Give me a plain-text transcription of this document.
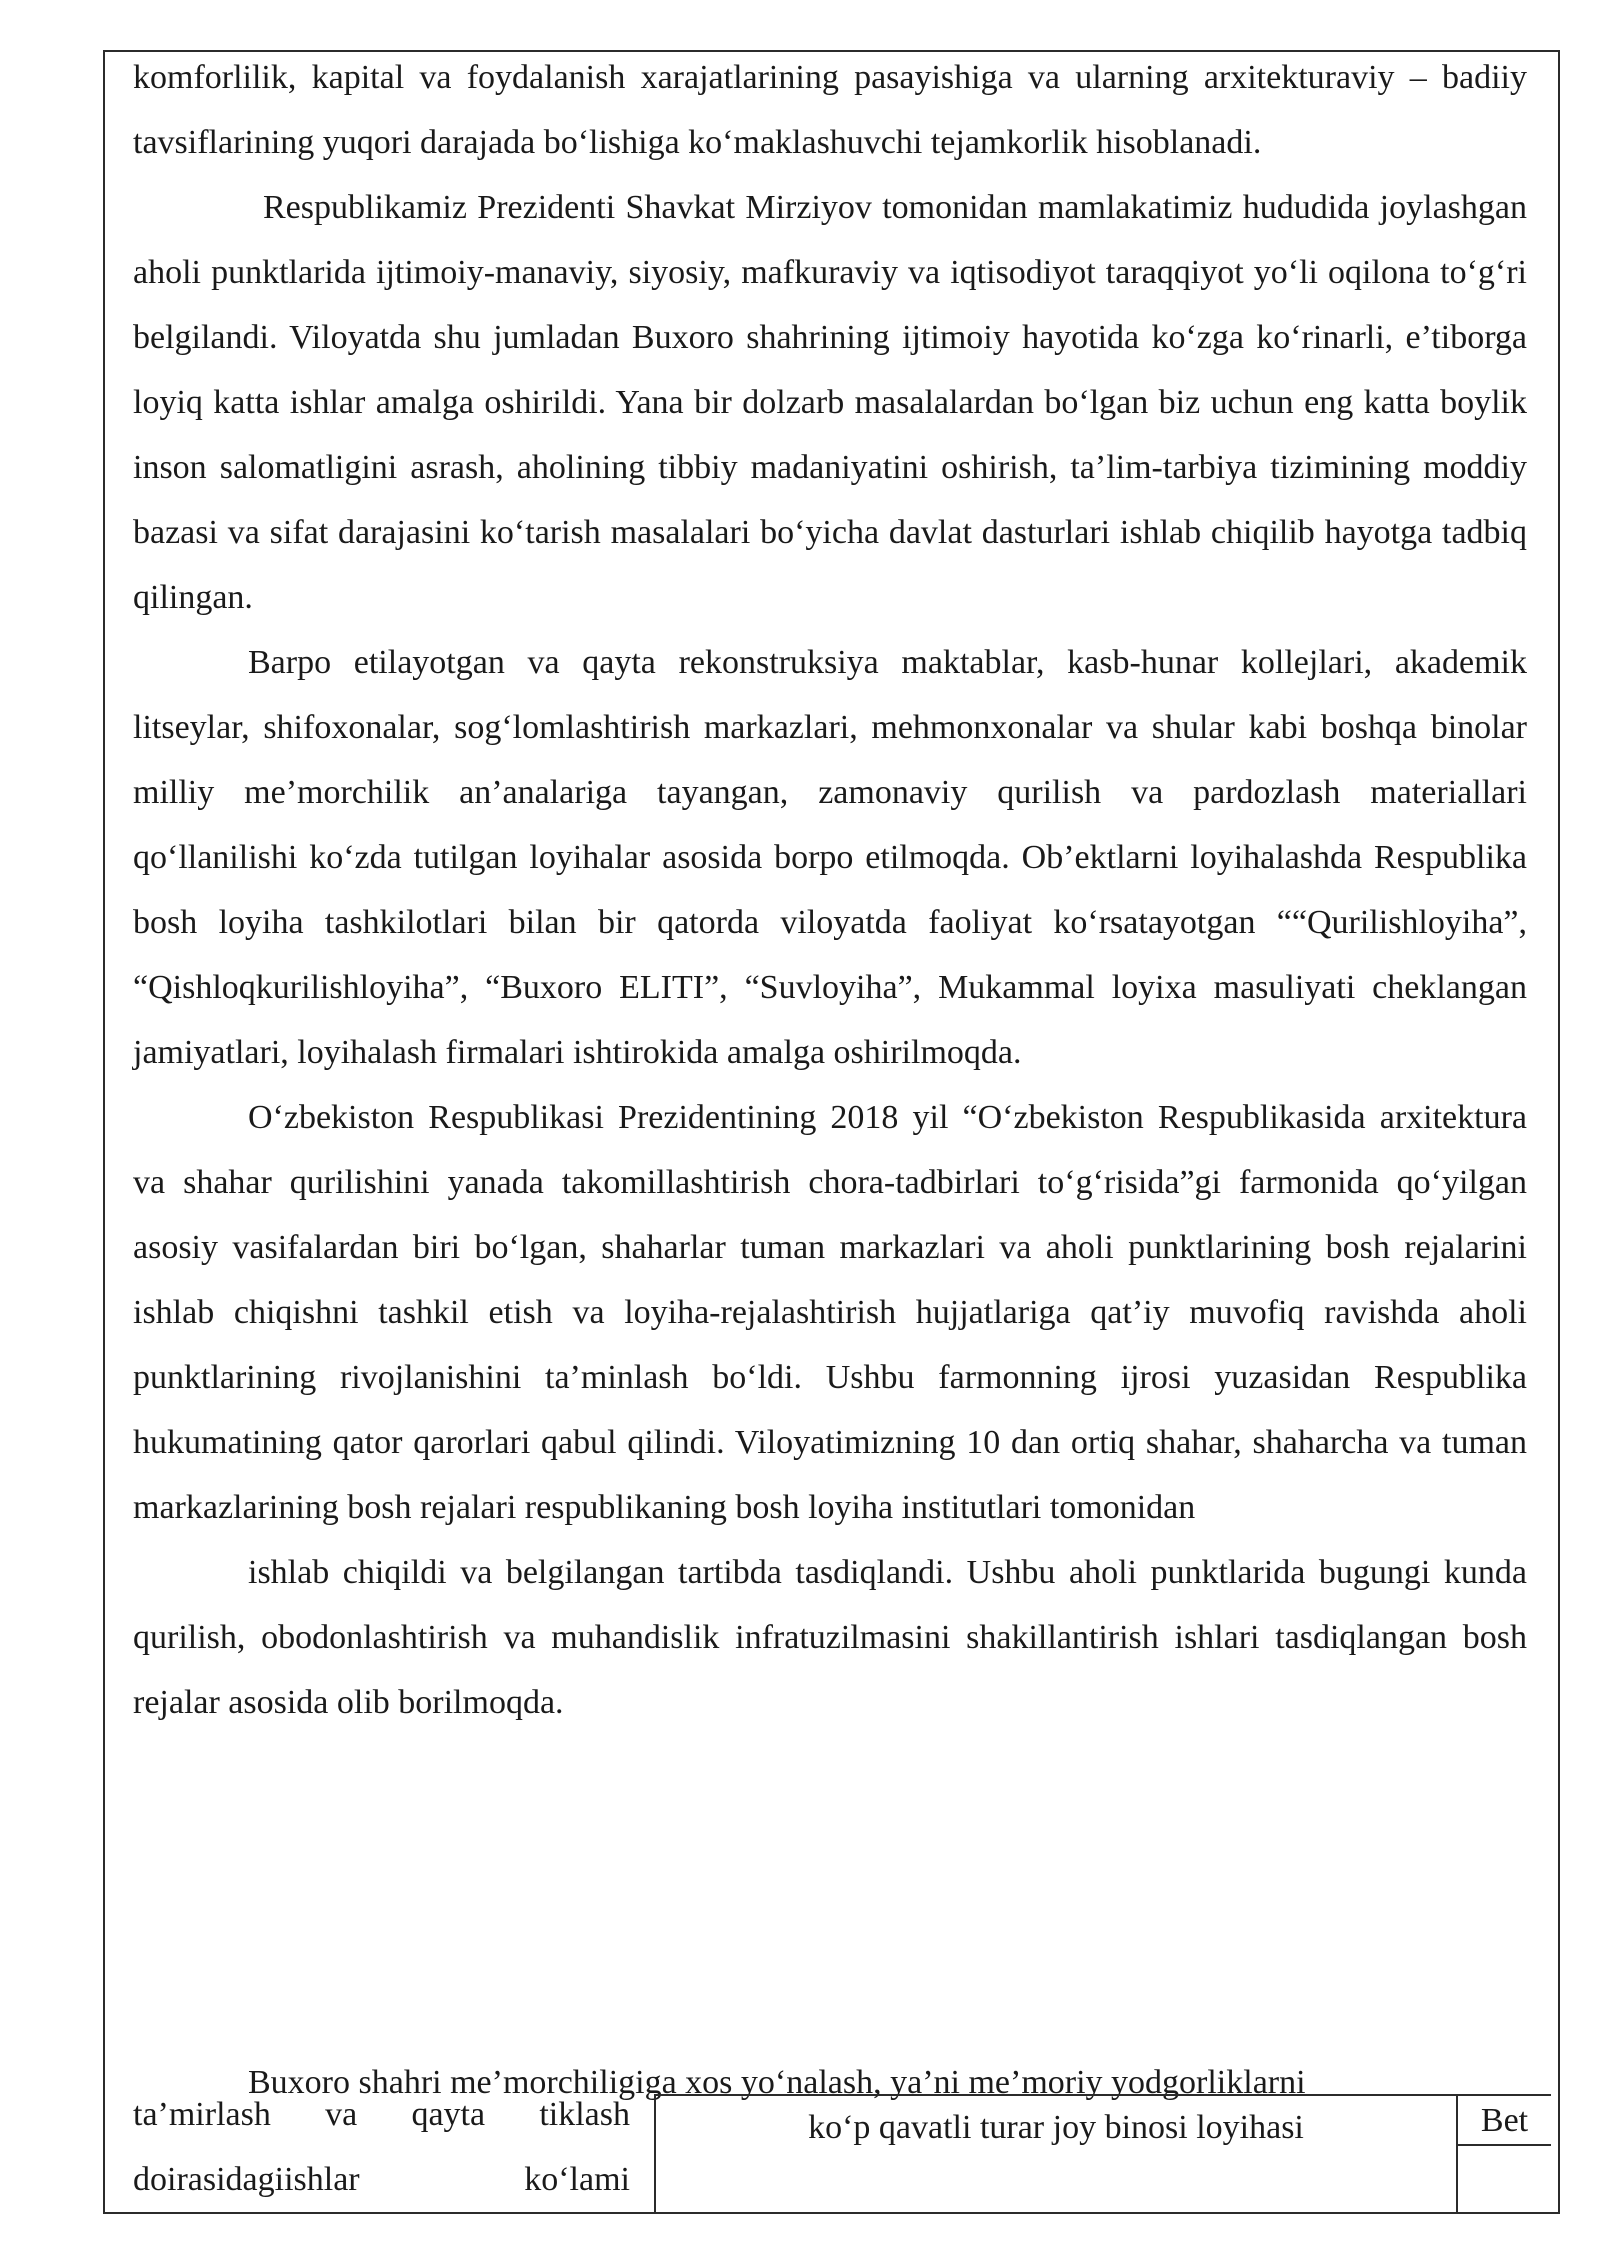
komforlilik, kapital va foydalanish xarajatlarining pasayishiga va ularning arxitekturaviy – badiiy tavsiflarining yuqori darajada bo‘lishiga ko‘maklashuvchi tejamkorlik hisoblanadi.

Respublikamiz Prezidenti Shavkat Mirziyov tomonidan mamlakatimiz hududida joylashgan aholi punktlarida ijtimoiy-manaviy, siyosiy, mafkuraviy va iqtisodiyot taraqqiyot yo‘li oqilona to‘g‘ri belgilandi. Viloyatda shu jumladan Buxoro shahrining ijtimoiy hayotida ko‘zga ko‘rinarli, e’tiborga loyiq katta ishlar amalga oshirildi. Yana bir dolzarb masalalardan bo‘lgan biz uchun eng katta boylik inson salomatligini asrash, aholining tibbiy madaniyatini oshirish, ta’lim-tarbiya tizimining moddiy bazasi va sifat darajasini ko‘tarish masalalari bo‘yicha davlat dasturlari ishlab chiqilib hayotga tadbiq qilingan.

Barpo etilayotgan va qayta rekonstruksiya maktablar, kasb-hunar kollejlari, akademik litseylar, shifoxonalar, sog‘lomlashtirish markazlari, mehmonxonalar va shular kabi boshqa binolar milliy me’morchilik an’analariga tayangan, zamonaviy qurilish va pardozlash materiallari qo‘llanilishi ko‘zda tutilgan loyihalar asosida borpo etilmoqda. Ob’ektlarni loyihalashda Respublika bosh loyiha tashkilotlari bilan bir qatorda viloyatda faoliyat ko‘rsatayotgan ““Qurilishloyiha”, “Qishloqkurilishloyiha”, “Buxoro ELITI”, “Suvloyiha”, Mukammal loyixa masuliyati cheklangan jamiyatlari, loyihalash firmalari ishtirokida amalga oshirilmoqda.

O‘zbekiston Respublikasi Prezidentining 2018 yil “O‘zbekiston Respublikasida arxitektura va shahar qurilishini yanada takomillashtirish chora-tadbirlari to‘g‘risida”gi farmonida qo‘yilgan asosiy vasifalardan biri bo‘lgan, shaharlar tuman markazlari va aholi punktlarining bosh rejalarini ishlab chiqishni tashkil etish va loyiha-rejalashtirish hujjatlariga qat’iy muvofiq ravishda aholi punktlarining rivojlanishini ta’minlash bo‘ldi. Ushbu farmonning ijrosi yuzasidan Respublika hukumatining qator qarorlari qabul qilindi. Viloyatimizning 10 dan ortiq shahar, shaharcha va tuman markazlarining bosh rejalari respublikaning bosh loyiha institutlari tomonidan

ishlab chiqildi va belgilangan tartibda tasdiqlandi. Ushbu aholi punktlarida bugungi kunda qurilish, obodonlashtirish va muhandislik infratuzilmasini shakillantirish ishlari tasdiqlangan bosh rejalar asosida olib borilmoqda.

Buxoro shahri me’morchiligiga xos yo‘nalash, ya’ni me’moriy yodgorliklarni

ta’mirlash va qayta tiklash
doirasidagiishlar	ko‘lami
ko‘p qavatli turar joy binosi loyihasi	Bet
